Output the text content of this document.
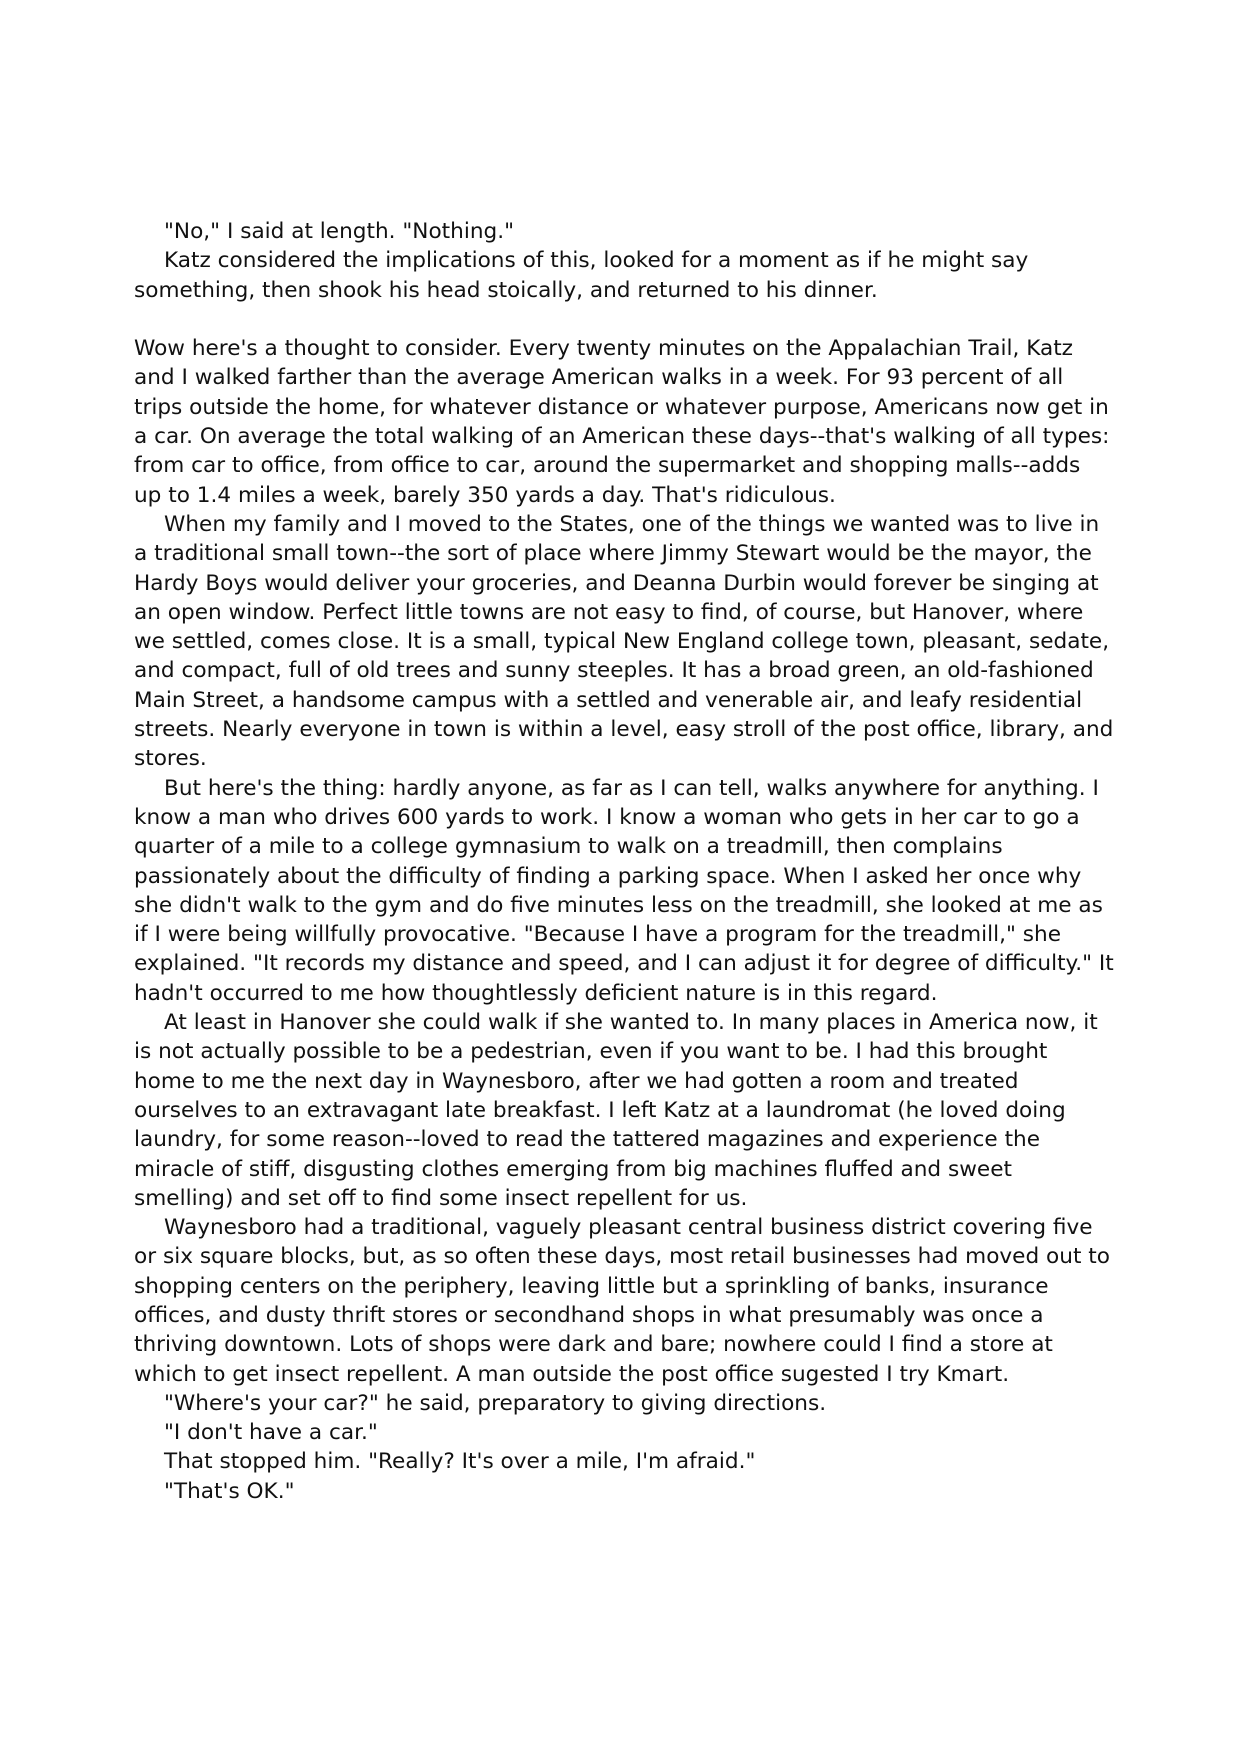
"No," I said at length. "Nothing."

Katz considered the implications of this, looked for a moment as if he might say something, then shook his head stoically, and returned to his dinner.

Wow here's a thought to consider. Every twenty minutes on the Appalachian Trail, Katz and I walked farther than the average American walks in a week. For 93 percent of all trips outside the home, for whatever distance or whatever purpose, Americans now get in a car. On average the total walking of an American these days--that's walking of all types: from car to office, from office to car, around the supermarket and shopping malls--adds up to 1.4 miles a week, barely 350 yards a day. That's ridiculous.

When my family and I moved to the States, one of the things we wanted was to live in a traditional small town--the sort of place where Jimmy Stewart would be the mayor, the Hardy Boys would deliver your groceries, and Deanna Durbin would forever be singing at an open window. Perfect little towns are not easy to find, of course, but Hanover, where we settled, comes close. It is a small, typical New England college town, pleasant, sedate, and compact, full of old trees and sunny steeples. It has a broad green, an old-fashioned Main Street, a handsome campus with a settled and venerable air, and leafy residential streets. Nearly everyone in town is within a level, easy stroll of the post office, library, and stores.

But here's the thing: hardly anyone, as far as I can tell, walks anywhere for anything. I know a man who drives 600 yards to work. I know a woman who gets in her car to go a quarter of a mile to a college gymnasium to walk on a treadmill, then complains passionately about the difficulty of finding a parking space. When I asked her once why she didn't walk to the gym and do five minutes less on the treadmill, she looked at me as if I were being willfully provocative. "Because I have a program for the treadmill," she explained. "It records my distance and speed, and I can adjust it for degree of difficulty." It hadn't occurred to me how thoughtlessly deficient nature is in this regard.

At least in Hanover she could walk if she wanted to. In many places in America now, it is not actually possible to be a pedestrian, even if you want to be. I had this brought home to me the next day in Waynesboro, after we had gotten a room and treated ourselves to an extravagant late breakfast. I left Katz at a laundromat (he loved doing laundry, for some reason--loved to read the tattered magazines and experience the miracle of stiff, disgusting clothes emerging from big machines fluffed and sweet smelling) and set off to find some insect repellent for us.

Waynesboro had a traditional, vaguely pleasant central business district covering five or six square blocks, but, as so often these days, most retail businesses had moved out to shopping centers on the periphery, leaving little but a sprinkling of banks, insurance offices, and dusty thrift stores or secondhand shops in what presumably was once a thriving downtown. Lots of shops were dark and bare; nowhere could I find a store at which to get insect repellent. A man outside the post office sugested I try Kmart.

"Where's your car?" he said, preparatory to giving directions.

"I don't have a car."

That stopped him. "Really? It's over a mile, I'm afraid."

"That's OK."
